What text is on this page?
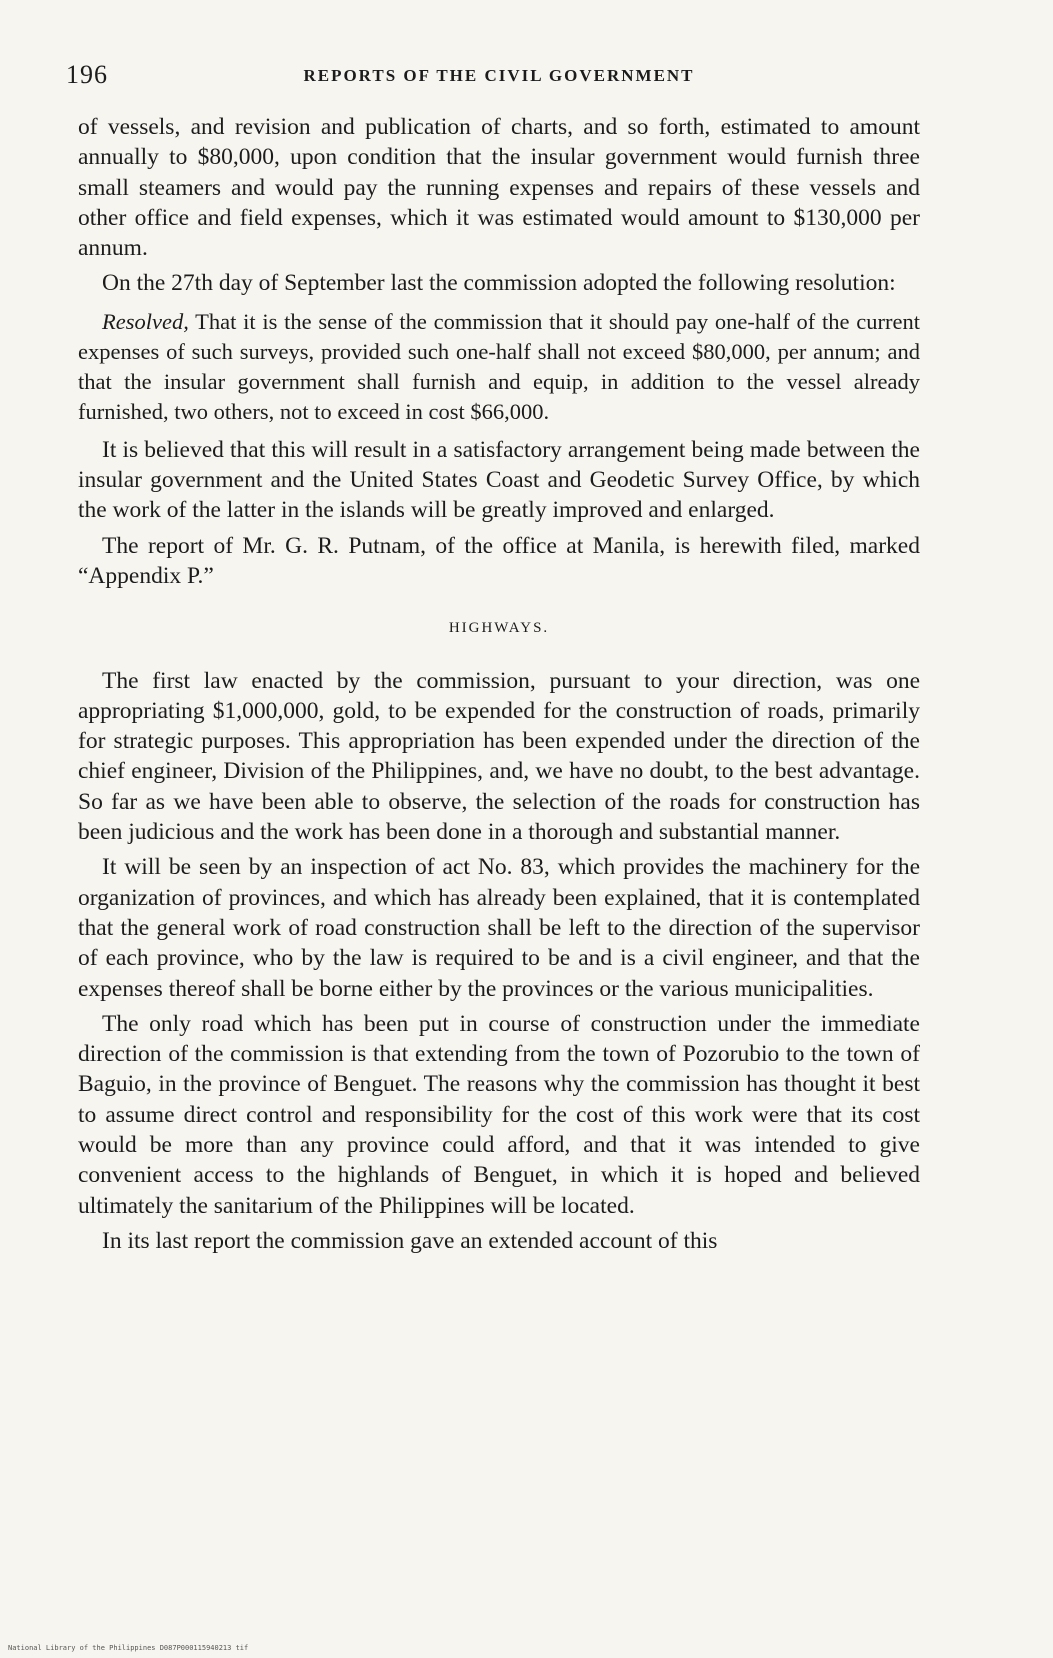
196	REPORTS OF THE CIVIL GOVERNMENT

of vessels, and revision and publication of charts, and so forth, estimated to amount annually to $80,000, upon condition that the insular government would furnish three small steamers and would pay the running expenses and repairs of these vessels and other office and field expenses, which it was estimated would amount to $130,000 per annum.

On the 27th day of September last the commission adopted the following resolution:

Resolved, That it is the sense of the commission that it should pay one-half of the current expenses of such surveys, provided such one-half shall not exceed $80,000, per annum; and that the insular government shall furnish and equip, in addition to the vessel already furnished, two others, not to exceed in cost $66,000.

It is believed that this will result in a satisfactory arrangement being made between the insular government and the United States Coast and Geodetic Survey Office, by which the work of the latter in the islands will be greatly improved and enlarged.

The report of Mr. G. R. Putnam, of the office at Manila, is herewith filed, marked “Appendix P.”

HIGHWAYS.

The first law enacted by the commission, pursuant to your direction, was one appropriating $1,000,000, gold, to be expended for the construction of roads, primarily for strategic purposes. This appropriation has been expended under the direction of the chief engineer, Division of the Philippines, and, we have no doubt, to the best advantage. So far as we have been able to observe, the selection of the roads for construction has been judicious and the work has been done in a thorough and substantial manner.

It will be seen by an inspection of act No. 83, which provides the machinery for the organization of provinces, and which has already been explained, that it is contemplated that the general work of road construction shall be left to the direction of the supervisor of each province, who by the law is required to be and is a civil engineer, and that the expenses thereof shall be borne either by the provinces or the various municipalities.

The only road which has been put in course of construction under the immediate direction of the commission is that extending from the town of Pozorubio to the town of Baguio, in the province of Benguet. The reasons why the commission has thought it best to assume direct control and responsibility for the cost of this work were that its cost would be more than any province could afford, and that it was intended to give convenient access to the highlands of Benguet, in which it is hoped and believed ultimately the sanitarium of the Philippines will be located.

In its last report the commission gave an extended account of this

National Library of the Philippines D087P000115940213 tif
